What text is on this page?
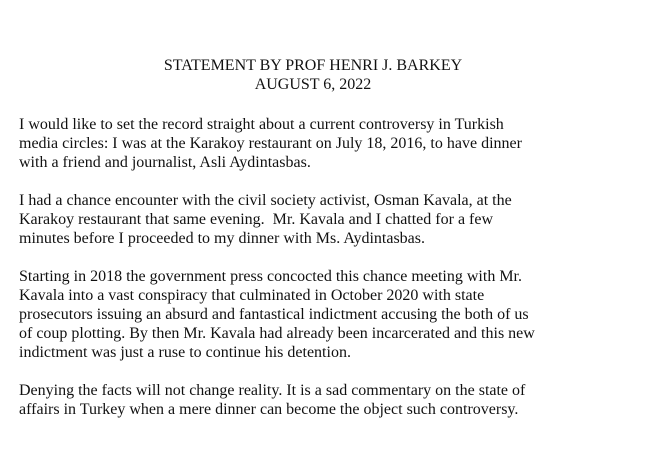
STATEMENT BY PROF HENRI J. BARKEY
AUGUST 6, 2022

I would like to set the record straight about a current controversy in Turkish
media circles: I was at the Karakoy restaurant on July 18, 2016, to have dinner
with a friend and journalist, Asli Aydintasbas.

I had a chance encounter with the civil society activist, Osman Kavala, at the
Karakoy restaurant that same evening.  Mr. Kavala and I chatted for a few
minutes before I proceeded to my dinner with Ms. Aydintasbas.

Starting in 2018 the government press concocted this chance meeting with Mr.
Kavala into a vast conspiracy that culminated in October 2020 with state
prosecutors issuing an absurd and fantastical indictment accusing the both of us
of coup plotting. By then Mr. Kavala had already been incarcerated and this new
indictment was just a ruse to continue his detention.

Denying the facts will not change reality. It is a sad commentary on the state of
affairs in Turkey when a mere dinner can become the object such controversy.
